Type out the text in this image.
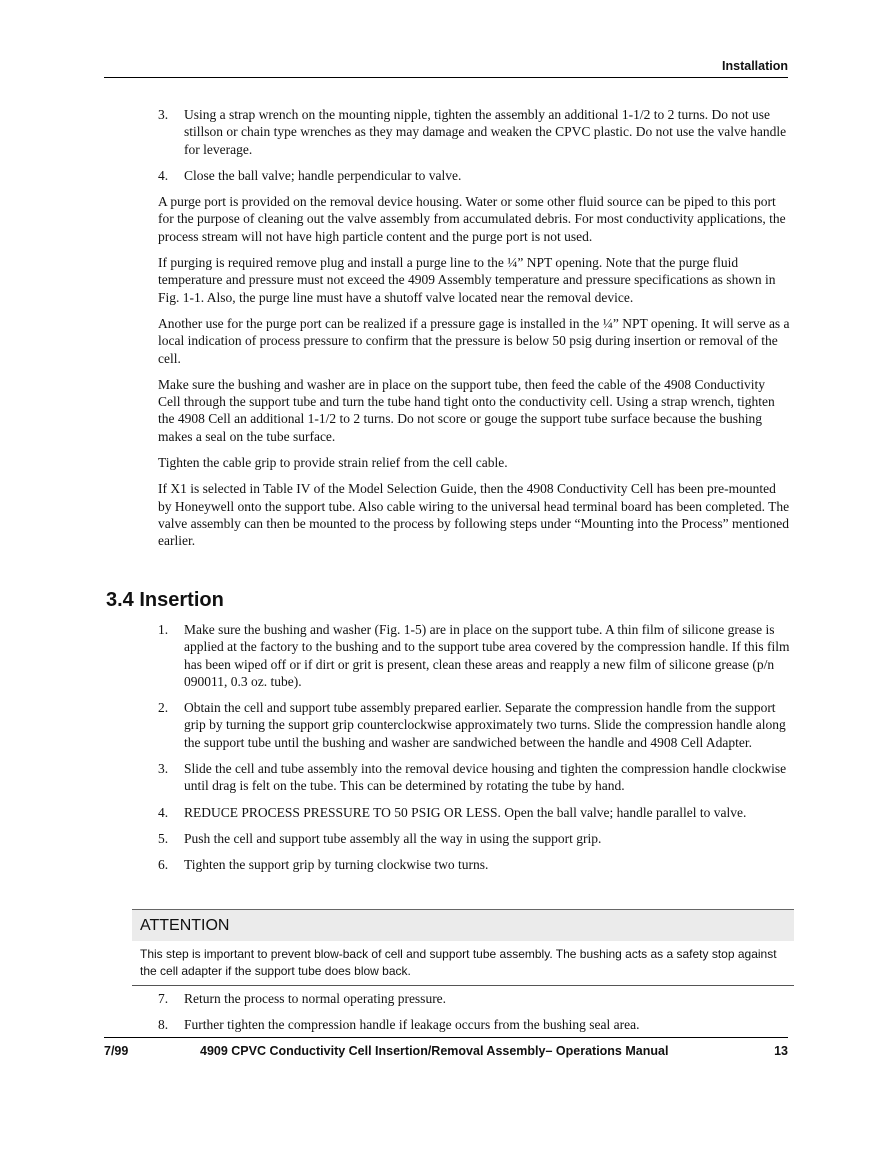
Installation
3. Using a strap wrench on the mounting nipple, tighten the assembly an additional 1-1/2 to 2 turns. Do not use stillson or chain type wrenches as they may damage and weaken the CPVC plastic. Do not use the valve handle for leverage.
4. Close the ball valve; handle perpendicular to valve.

A purge port is provided on the removal device housing. Water or some other fluid source can be piped to this port for the purpose of cleaning out the valve assembly from accumulated debris. For most conductivity applications, the process stream will not have high particle content and the purge port is not used.

If purging is required remove plug and install a purge line to the ¼” NPT opening. Note that the purge fluid temperature and pressure must not exceed the 4909 Assembly temperature and pressure specifications as shown in Fig. 1-1. Also, the purge line must have a shutoff valve located near the removal device.

Another use for the purge port can be realized if a pressure gage is installed in the ¼” NPT opening. It will serve as a local indication of process pressure to confirm that the pressure is below 50 psig during insertion or removal of the cell.

Make sure the bushing and washer are in place on the support tube, then feed the cable of the 4908 Conductivity Cell through the support tube and turn the tube hand tight onto the conductivity cell. Using a strap wrench, tighten the 4908 Cell an additional 1-1/2 to 2 turns. Do not score or gouge the support tube surface because the bushing makes a seal on the tube surface.

Tighten the cable grip to provide strain relief from the cell cable.

If X1 is selected in Table IV of the Model Selection Guide, then the 4908 Conductivity Cell has been pre-mounted by Honeywell onto the support tube. Also cable wiring to the universal head terminal board has been completed. The valve assembly can then be mounted to the process by following steps under “Mounting into the Process” mentioned earlier.

3.4 Insertion
1. Make sure the bushing and washer (Fig. 1-5) are in place on the support tube. A thin film of silicone grease is applied at the factory to the bushing and to the support tube area covered by the compression handle. If this film has been wiped off or if dirt or grit is present, clean these areas and reapply a new film of silicone grease (p/n 090011, 0.3 oz. tube).
2. Obtain the cell and support tube assembly prepared earlier. Separate the compression handle from the support grip by turning the support grip counterclockwise approximately two turns. Slide the compression handle along the support tube until the bushing and washer are sandwiched between the handle and 4908 Cell Adapter.
3. Slide the cell and tube assembly into the removal device housing and tighten the compression handle clockwise until drag is felt on the tube. This can be determined by rotating the tube by hand.
4. REDUCE PROCESS PRESSURE TO 50 PSIG OR LESS. Open the ball valve; handle parallel to valve.
5. Push the cell and support tube assembly all the way in using the support grip.
6. Tighten the support grip by turning clockwise two turns.
ATTENTION
This step is important to prevent blow-back of cell and support tube assembly. The bushing acts as a safety stop against the cell adapter if the support tube does blow back.
7. Return the process to normal operating pressure.
8. Further tighten the compression handle if leakage occurs from the bushing seal area.
7/99	4909 CPVC Conductivity Cell Insertion/Removal Assembly– Operations Manual	13
